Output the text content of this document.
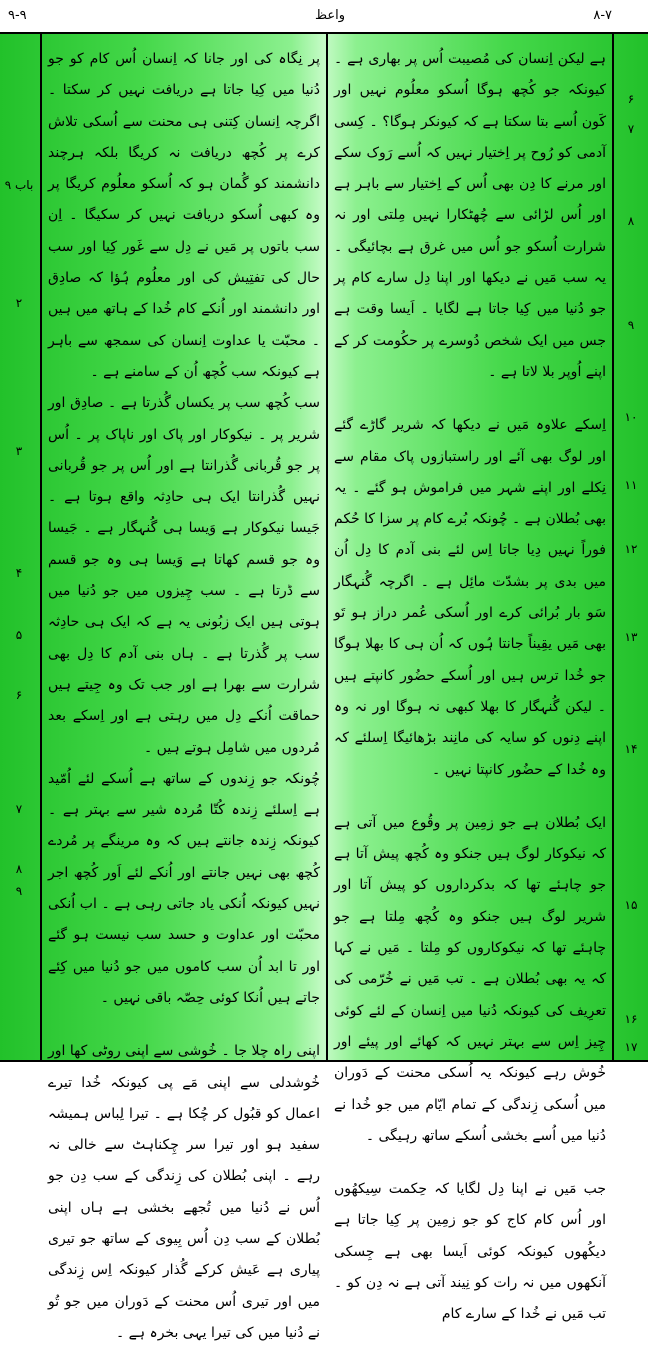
۹-۹	واعظ	۸-۷

ہے لیکن اِنسان کی مُصیبت اُس پر بھاری ہے ۔ کیونکہ جو کُچھ ہوگا اُسکو معلُوم نہیں اور کَون اُسے بتا سکتا ہے کہ کیونکر ہوگا؟ ۔ کِسی آدمی کو رُوح پر اِختیار نہیں کہ اُسے رَوک سکے اور مرنے کا دِن بھی اُس کے اِختیار سے باہر ہے اور اُس لڑائی سے چُھٹکارا نہیں مِلتی اور نہ شرارت اُسکو جو اُس میں غرق ہے بچائیگی ۔ یہ سب مَیں نے دیکھا اور اپنا دِل سارے کام پر جو دُنیا میں کِیا جاتا ہے لگایا ۔ اَیسا وقت ہے جس میں ایک شخص دُوسرے پر حکُومت کر کے اپنے اُوپر بلا لاتا ہے ۔

اِسکے علاوہ مَیں نے دیکھا کہ شریر گاڑے گئے اور لوگ بھی آئے اور راستبازوں پاک مقام سے نِکلے اور اپنے شہر میں فراموش ہو گئے ۔ یہ بھی بُطلان ہے ۔ چُونکہ بُرے کام پر سزا کا حُکم فوراً نہیں دِیا جاتا اِس لئے بنی آدم کا دِل اُن میں بدی پر بشدّت مائِل ہے ۔ اگرچہ گُنہگار سَو بار بُرائی کرے اور اُسکی عُمر دراز ہو تَو بھی مَیں یقِیناً جانتا ہُوں کہ اُن ہی کا بھلا ہوگا جو خُدا ترس ہیں اور اُسکے حضُور کانپتے ہیں ۔ لیکن گُنہگار کا بھلا کبھی نہ ہوگا اور نہ وہ اپنے دِنوں کو سایہ کی مانِند بڑھائیگا اِسلئے کہ وہ خُدا کے حضُور کانپتا نہیں ۔

ایک بُطلان ہے جو زمِین پر وقُوع میں آتی ہے کہ نیکوکار لوگ ہیں جنکو وہ کُچھ پیش آتا ہے جو چاہئے تھا کہ بدکرداروں کو پیش آتا اور شریر لوگ ہیں جنکو وہ کُچھ مِلتا ہے جو چاہئے تھا کہ نیکوکاروں کو مِلتا ۔ مَیں نے کہا کہ یہ بھی بُطلان ہے ۔ تب مَیں نے خُرّمی کی تعرِیف کی کیونکہ دُنیا میں اِنسان کے لئے کوئی چِیز اِس سے بہتر نہیں کہ کھائے اور پیئے اور خُوش رہے کیونکہ یہ اُسکی محنت کے دَوران میں اُسکی زِندگی کے تمام ایّام میں جو خُدا نے دُنیا میں اُسے بخشی اُسکے ساتھ رہیگی ۔

جب مَیں نے اپنا دِل لگایا کہ حِکمت سِیکھُوں اور اُس کام کاج کو جو زمِین پر کِیا جاتا ہے دیکُھوں کیونکہ کوئی اَیسا بھی ہے جِسکی آنکھوں میں نہ رات کو نِیند آتی ہے نہ دِن کو ۔ تب مَیں نے خُدا کے سارے کام

پر نِگاہ کی اور جانا کہ اِنسان اُس کام کو جو دُنیا میں کِیا جاتا ہے دریافت نہیں کر سکتا ۔ اگرچہ اِنسان کِتنی ہی محنت سے اُسکی تلاش کرے پر کُچھ دریافت نہ کریگا بلکہ ہرچند دانشمند کو گُمان ہو کہ اُسکو معلُوم کریگا پر وہ کبھی اُسکو دریافت نہیں کر سکیگا ۔ اِن سب باتوں پر مَیں نے دِل سے غَور کِیا اور سب حال کی تفتِیش کی اور معلُوم ہُؤا کہ صادِق اور دانشمند اور اُنکے کام خُدا کے ہاتھ میں ہیں ۔ محبّت یا عداوت اِنسان کی سمجھ سے باہر ہے کیونکہ سب کُچھ اُن کے سامنے ہے ۔

سب کُچھ سب پر یکساں گُذرتا ہے ۔ صادِق اور شریر پر ۔ نیکوکار اور پاک اور ناپاک پر ۔ اُس پر جو قُربانی گُذرانتا ہے اور اُس پر جو قُربانی نہیں گُذرانتا ایک ہی حادِثہ واقع ہوتا ہے ۔ جَیسا نیکوکار ہے وَیسا ہی گُنہگار ہے ۔ جَیسا وہ جو قسم کھاتا ہے وَیسا ہی وہ جو قسم سے ڈرتا ہے ۔ سب چِیزوں میں جو دُنیا میں ہوتی ہیں ایک زبُونی یہ ہے کہ ایک ہی حادِثہ سب پر گُذرتا ہے ۔ ہاں بنی آدم کا دِل بھی شرارت سے بھرا ہے اور جب تک وہ جِیتے ہیں حماقت اُنکے دِل میں رہتی ہے اور اِسکے بعد مُردوں میں شامِل ہوتے ہیں ۔

چُونکہ جو زِندوں کے ساتھ ہے اُسکے لئے اُمّید ہے اِسلئے زِندہ کُتّا مُردہ شیر سے بہتر ہے ۔ کیونکہ زِندہ جانتے ہیں کہ وہ مرینگے پر مُردے کُچھ بھی نہیں جانتے اور اُنکے لئے اَور کُچھ اجر نہیں کیونکہ اُنکی یاد جاتی رہی ہے ۔ اب اُنکی محبّت اور عداوت و حسد سب نیست ہو گئے اور تا ابد اُن سب کاموں میں جو دُنیا میں کِئے جاتے ہیں اُنکا کوئی حِصّہ باقی نہیں ۔

اپنی راہ چلا جا ۔ خُوشی سے اپنی روٹی کھا اور خُوشدلی سے اپنی مَے پی کیونکہ خُدا تیرے اعمال کو قبُول کر چُکا ہے ۔ تیرا لِباس ہمیشہ سفید ہو اور تیرا سر چِکناہٹ سے خالی نہ رہے ۔ اپنی بُطلان کی زِندگی کے سب دِن جو اُس نے دُنیا میں تُجھے بخشی ہے ہاں اپنی بُطلان کے سب دِن اُس بِیوی کے ساتھ جو تیری پیاری ہے عَیش کرکے گُذار کیونکہ اِس زِندگی میں اور تیری اُس محنت کے دَوران میں جو تُو نے دُنیا میں کی تیرا یہی بخرہ ہے ۔

۶
۷
۸
۹
۱۰
۱۱
۱۲
۱۳
۱۴
۱۵
۱۶
۱۷
۹ باب
۲
۳
۴
۵
۶
۷
۸
۹
